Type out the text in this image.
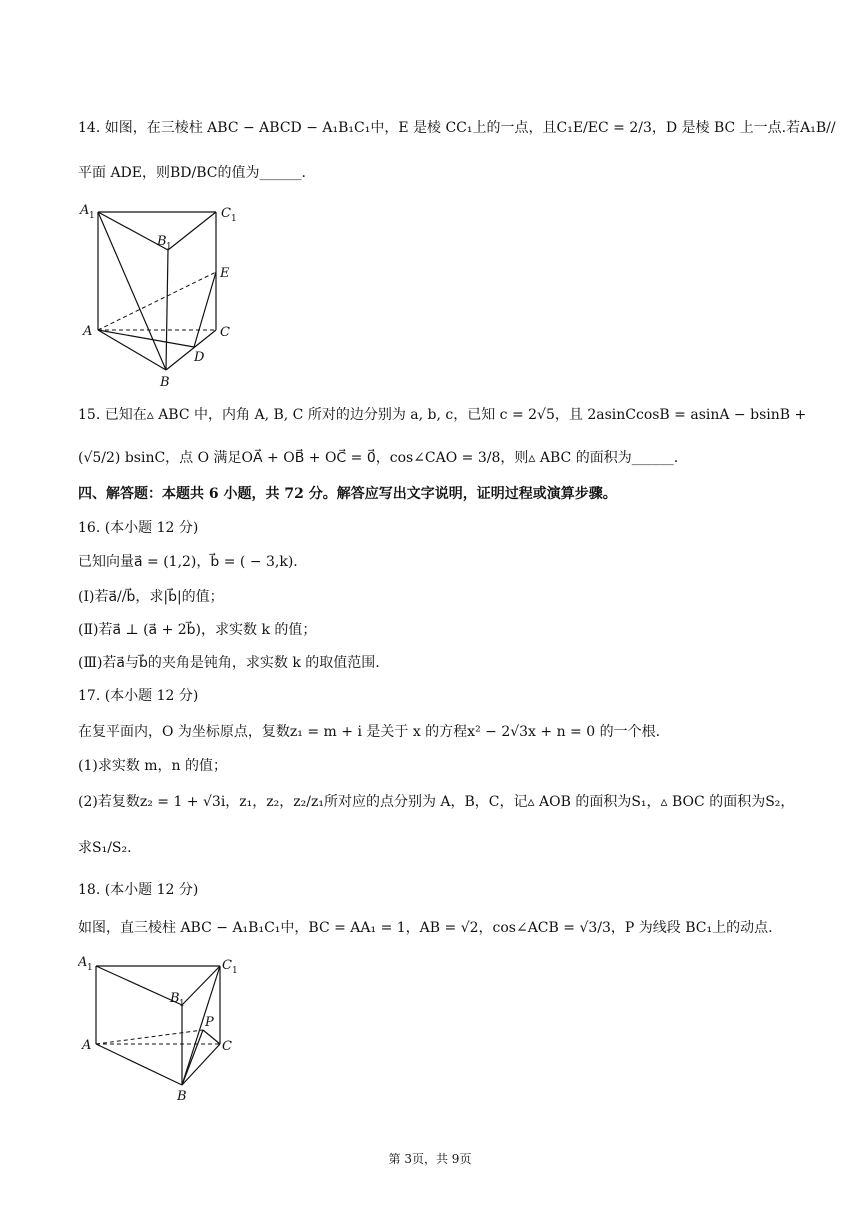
14. 如图，在三棱柱 ABC − ABCD − A₁B₁C₁中，E 是棱 CC₁上的一点，且C₁E/EC = 2/3，D 是棱 BC 上一点.若A₁B//
平面 ADE，则BD/BC的值为______.
A 1	C 1
B 1
E
A	C
D
B
15. 已知在▵ ABC 中，内角 A, B, C 所对的边分别为 a, b, c，已知 c = 2√5，且 2asinCcosB = asinA − bsinB +
(√5/2) bsinC，点 O 满足OA⃗ + OB⃗ + OC⃗ = 0⃗，cos∠CAO = 3/8，则▵ ABC 的面积为______.
四、解答题：本题共 6 小题，共 72 分。解答应写出文字说明，证明过程或演算步骤。
16. (本小题 12 分)
已知向量a⃗ = (1,2)，b⃗ = ( − 3,k).
(Ⅰ)若a⃗//b⃗，求|b⃗|的值；
(Ⅱ)若a⃗ ⊥ (a⃗ + 2b⃗)，求实数 k 的值；
(Ⅲ)若a⃗与b⃗的夹角是钝角，求实数 k 的取值范围.
17. (本小题 12 分)
在复平面内，O 为坐标原点，复数z₁ = m + i 是关于 x 的方程x² − 2√3x + n = 0 的一个根.
(1)求实数 m，n 的值；
(2)若复数z₂ = 1 + √3i，z₁，z₂，z₂/z₁所对应的点分别为 A，B，C，记▵ AOB 的面积为S₁，▵ BOC 的面积为S₂，
求S₁/S₂.
18. (本小题 12 分)
如图，直三棱柱 ABC − A₁B₁C₁中，BC = AA₁ = 1，AB = √2，cos∠ACB = √3/3，P 为线段 BC₁上的动点.
A 1	C 1
B 1
P
A	C
B
第 3页，共 9页
